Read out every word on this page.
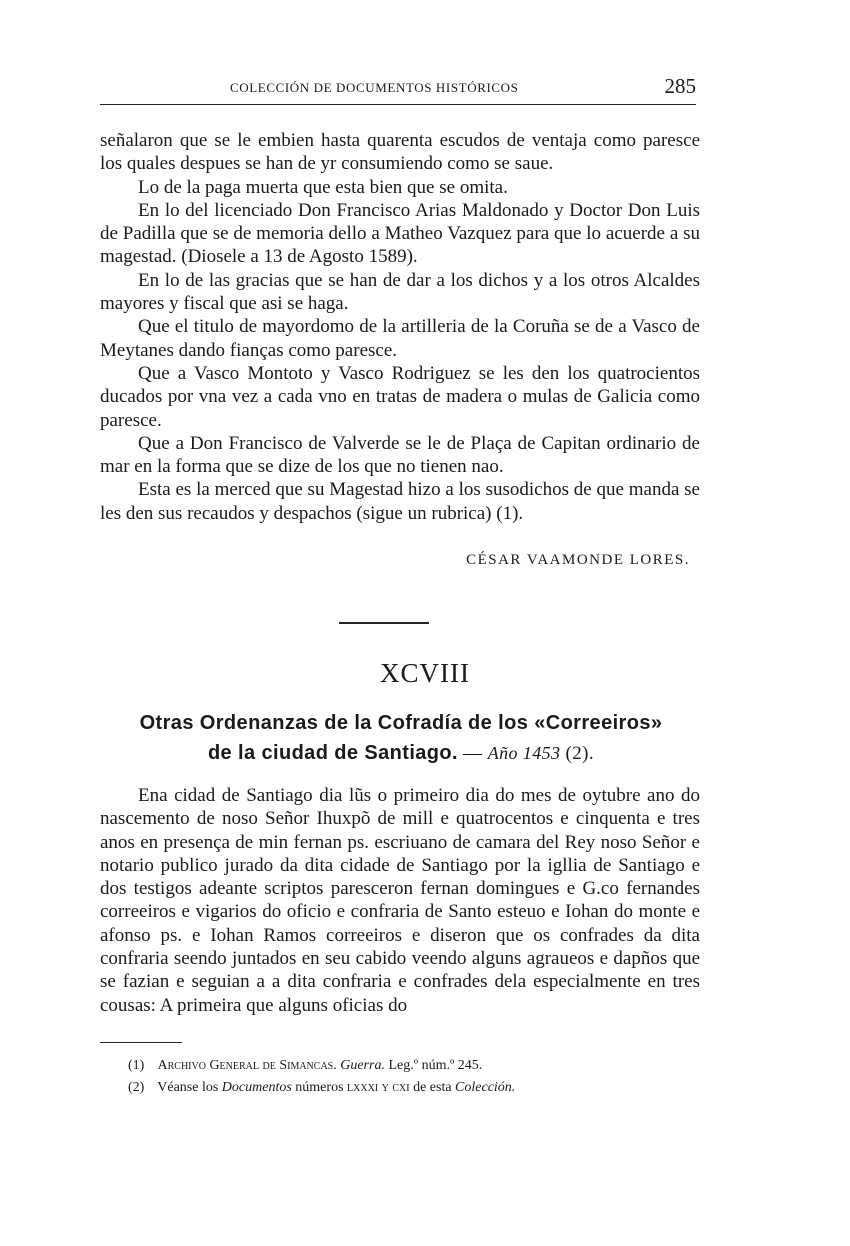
COLECCIÓN DE DOCUMENTOS HISTÓRICOS	285

señalaron que se le embien hasta quarenta escudos de ventaja como paresce los quales despues se han de yr consumiendo como se saue.

Lo de la paga muerta que esta bien que se omita.

En lo del licenciado Don Francisco Arias Maldonado y Doctor Don Luis de Padilla que se de memoria dello a Matheo Vazquez para que lo acuerde a su magestad. (Diosele a 13 de Agosto 1589).

En lo de las gracias que se han de dar a los dichos y a los otros Alcaldes mayores y fiscal que asi se haga.

Que el titulo de mayordomo de la artilleria de la Coruña se de a Vasco de Meytanes dando fianças como paresce.

Que a Vasco Montoto y Vasco Rodriguez se les den los quatrocientos ducados por vna vez a cada vno en tratas de madera o mulas de Galicia como paresce.

Que a Don Francisco de Valverde se le de Plaça de Capitan ordinario de mar en la forma que se dize de los que no tienen nao.

Esta es la merced que su Magestad hizo a los susodichos de que manda se les den sus recaudos y despachos (sigue un rubrica) (1).

CÉSAR VAAMONDE LORES.
XCVIII
Otras Ordenanzas de la Cofradía de los «Correeiros»
de la ciudad de Santiago. — Año 1453 (2).

Ena cidad de Santiago dia lũs o primeiro dia do mes de oytubre ano do nascemento de noso Señor Ihuxpõ de mill e quatrocentos e cinquenta e tres anos en presença de min fernan ps. escriuano de camara del Rey noso Señor e notario publico jurado da dita cidade de Santiago por la igllia de Santiago e dos testigos adeante scriptos paresceron fernan domingues e G.co fernandes correeiros e vigarios do oficio e confraria de Santo esteuo e Iohan do monte e afonso ps. e Iohan Ramos correeiros e diseron que os confrades da dita confraria seendo juntados en seu cabido veendo alguns agraueos e dapños que se fazian e seguian a a dita confraria e confrades dela especialmente en tres cousas: A primeira que alguns oficias do

(1) Archivo General de Simancas. Guerra. Leg.º núm.º 245.
(2) Véanse los Documentos números lxxxi y cxi de esta Colección.
